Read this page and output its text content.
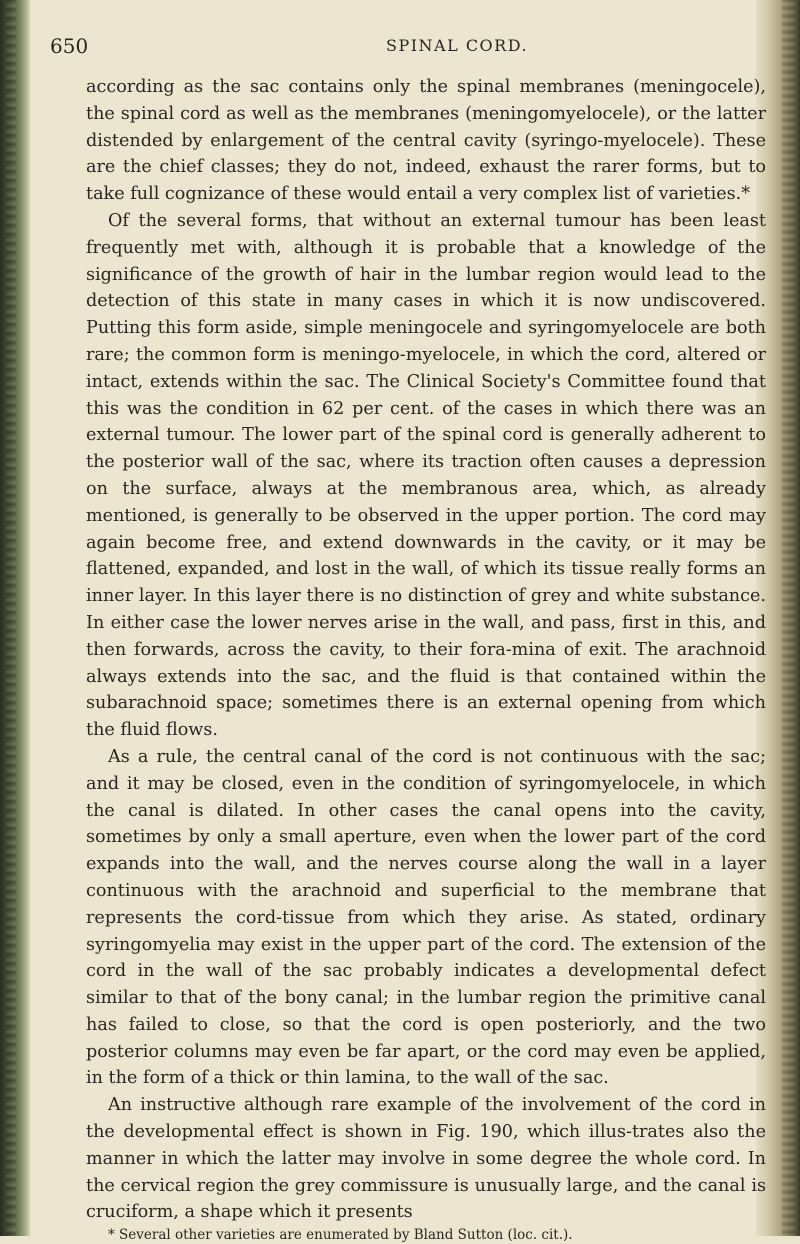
650	SPINAL CORD.

according as the sac contains only the spinal membranes (meningocele), the spinal cord as well as the membranes (meningomyelocele), or the latter distended by enlargement of the central cavity (syringo-myelocele). These are the chief classes; they do not, indeed, exhaust the rarer forms, but to take full cognizance of these would entail a very complex list of varieties.*

Of the several forms, that without an external tumour has been least frequently met with, although it is probable that a knowledge of the significance of the growth of hair in the lumbar region would lead to the detection of this state in many cases in which it is now undiscovered. Putting this form aside, simple meningocele and syringomyelocele are both rare; the common form is meningo-myelocele, in which the cord, altered or intact, extends within the sac. The Clinical Society's Committee found that this was the condition in 62 per cent. of the cases in which there was an external tumour. The lower part of the spinal cord is generally adherent to the posterior wall of the sac, where its traction often causes a depression on the surface, always at the membranous area, which, as already mentioned, is generally to be observed in the upper portion. The cord may again become free, and extend downwards in the cavity, or it may be flattened, expanded, and lost in the wall, of which its tissue really forms an inner layer. In this layer there is no distinction of grey and white substance. In either case the lower nerves arise in the wall, and pass, first in this, and then forwards, across the cavity, to their fora-mina of exit. The arachnoid always extends into the sac, and the fluid is that contained within the subarachnoid space; sometimes there is an external opening from which the fluid flows.

As a rule, the central canal of the cord is not continuous with the sac; and it may be closed, even in the condition of syringomyelocele, in which the canal is dilated. In other cases the canal opens into the cavity, sometimes by only a small aperture, even when the lower part of the cord expands into the wall, and the nerves course along the wall in a layer continuous with the arachnoid and superficial to the membrane that represents the cord-tissue from which they arise. As stated, ordinary syringomyelia may exist in the upper part of the cord. The extension of the cord in the wall of the sac probably indicates a developmental defect similar to that of the bony canal; in the lumbar region the primitive canal has failed to close, so that the cord is open posteriorly, and the two posterior columns may even be far apart, or the cord may even be applied, in the form of a thick or thin lamina, to the wall of the sac.

An instructive although rare example of the involvement of the cord in the developmental effect is shown in Fig. 190, which illus-trates also the manner in which the latter may involve in some degree the whole cord. In the cervical region the grey commissure is unusually large, and the canal is cruciform, a shape which it presents

* Several other varieties are enumerated by Bland Sutton (loc. cit.).
